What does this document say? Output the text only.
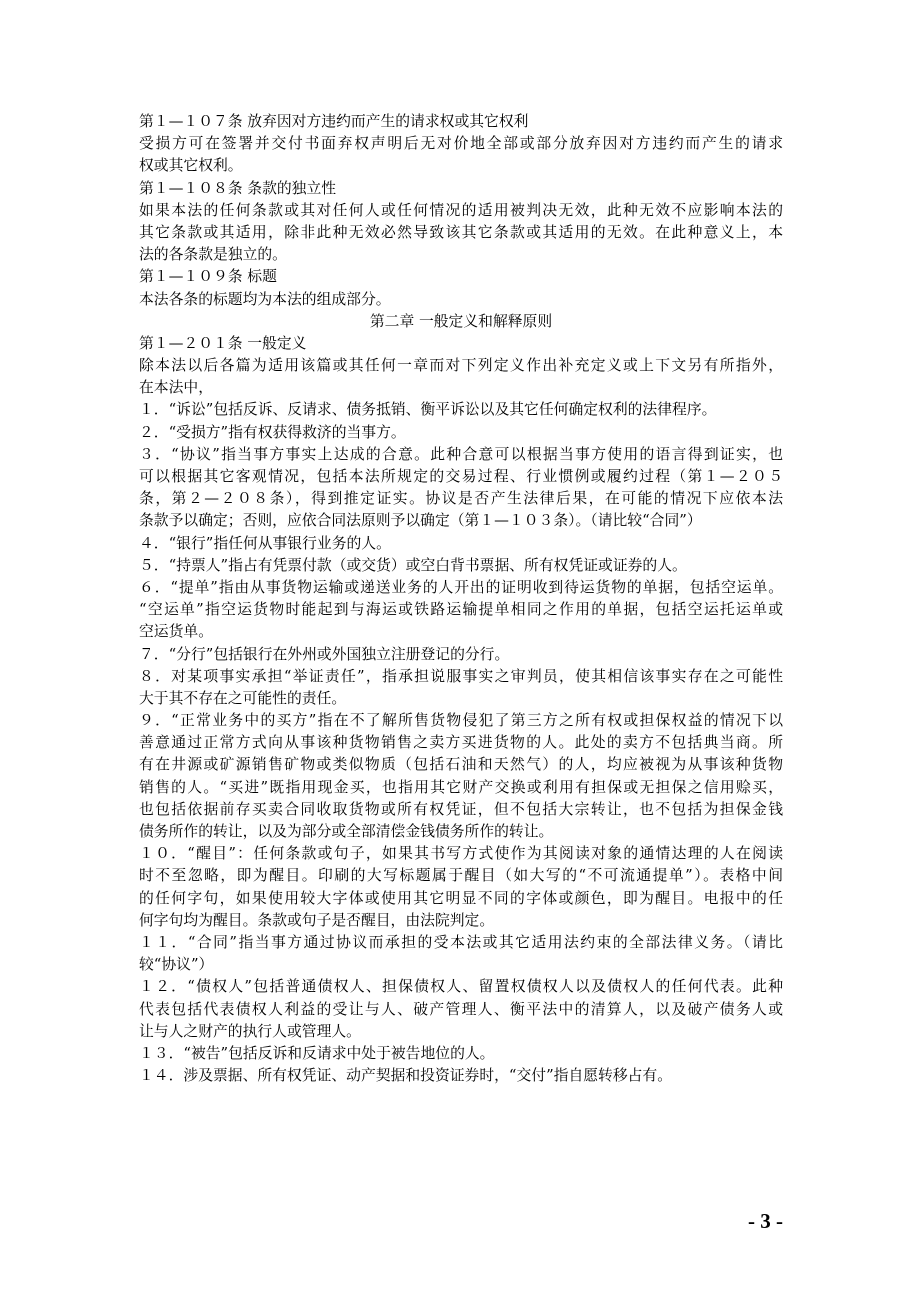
第１—１０７条 放弃因对方违约而产生的请求权或其它权利

受损方可在签署并交付书面弃权声明后无对价地全部或部分放弃因对方违约而产生的请求

权或其它权利。

第１—１０８条 条款的独立性

如果本法的任何条款或其对任何人或任何情况的适用被判决无效，此种无效不应影响本法的

其它条款或其适用，除非此种无效必然导致该其它条款或其适用的无效。在此种意义上，本

法的各条款是独立的。

第１—１０９条 标题

本法各条的标题均为本法的组成部分。

第二章 一般定义和解释原则

第１—２０１条 一般定义

除本法以后各篇为适用该篇或其任何一章而对下列定义作出补充定义或上下文另有所指外，

在本法中，

１．“诉讼”包括反诉、反请求、债务抵销、衡平诉讼以及其它任何确定权利的法律程序。

２．“受损方”指有权获得救济的当事方。

３．“协议”指当事方事实上达成的合意。此种合意可以根据当事方使用的语言得到证实，也

可以根据其它客观情况，包括本法所规定的交易过程、行业惯例或履约过程（第１—２０５

条，第２—２０８条），得到推定证实。协议是否产生法律后果，在可能的情况下应依本法

条款予以确定；否则，应依合同法原则予以确定（第１—１０３条）。（请比较“合同”）

４．“银行”指任何从事银行业务的人。

５．“持票人”指占有凭票付款（或交货）或空白背书票据、所有权凭证或证券的人。

６．“提单”指由从事货物运输或递送业务的人开出的证明收到待运货物的单据，包括空运单。

“空运单”指空运货物时能起到与海运或铁路运输提单相同之作用的单据，包括空运托运单或

空运货单。

７．“分行”包括银行在外州或外国独立注册登记的分行。

８．对某项事实承担“举证责任”，指承担说服事实之审判员，使其相信该事实存在之可能性

大于其不存在之可能性的责任。

９．“正常业务中的买方”指在不了解所售货物侵犯了第三方之所有权或担保权益的情况下以

善意通过正常方式向从事该种货物销售之卖方买进货物的人。此处的卖方不包括典当商。所

有在井源或矿源销售矿物或类似物质（包括石油和天然气）的人，均应被视为从事该种货物

销售的人。“买进”既指用现金买，也指用其它财产交换或利用有担保或无担保之信用赊买，

也包括依据前存买卖合同收取货物或所有权凭证，但不包括大宗转让，也不包括为担保金钱

债务所作的转让，以及为部分或全部清偿金钱债务所作的转让。

１０．“醒目”：任何条款或句子，如果其书写方式使作为其阅读对象的通情达理的人在阅读

时不至忽略，即为醒目。印刷的大写标题属于醒目（如大写的“不可流通提单”）。表格中间

的任何字句，如果使用较大字体或使用其它明显不同的字体或颜色，即为醒目。电报中的任

何字句均为醒目。条款或句子是否醒目，由法院判定。

１１．“合同”指当事方通过协议而承担的受本法或其它适用法约束的全部法律义务。（请比

较“协议”）

１２．“债权人”包括普通债权人、担保债权人、留置权债权人以及债权人的任何代表。此种

代表包括代表债权人利益的受让与人、破产管理人、衡平法中的清算人，以及破产债务人或

让与人之财产的执行人或管理人。

１３．“被告”包括反诉和反请求中处于被告地位的人。

１４．涉及票据、所有权凭证、动产契据和投资证券时，“交付”指自愿转移占有。

- 3 -
